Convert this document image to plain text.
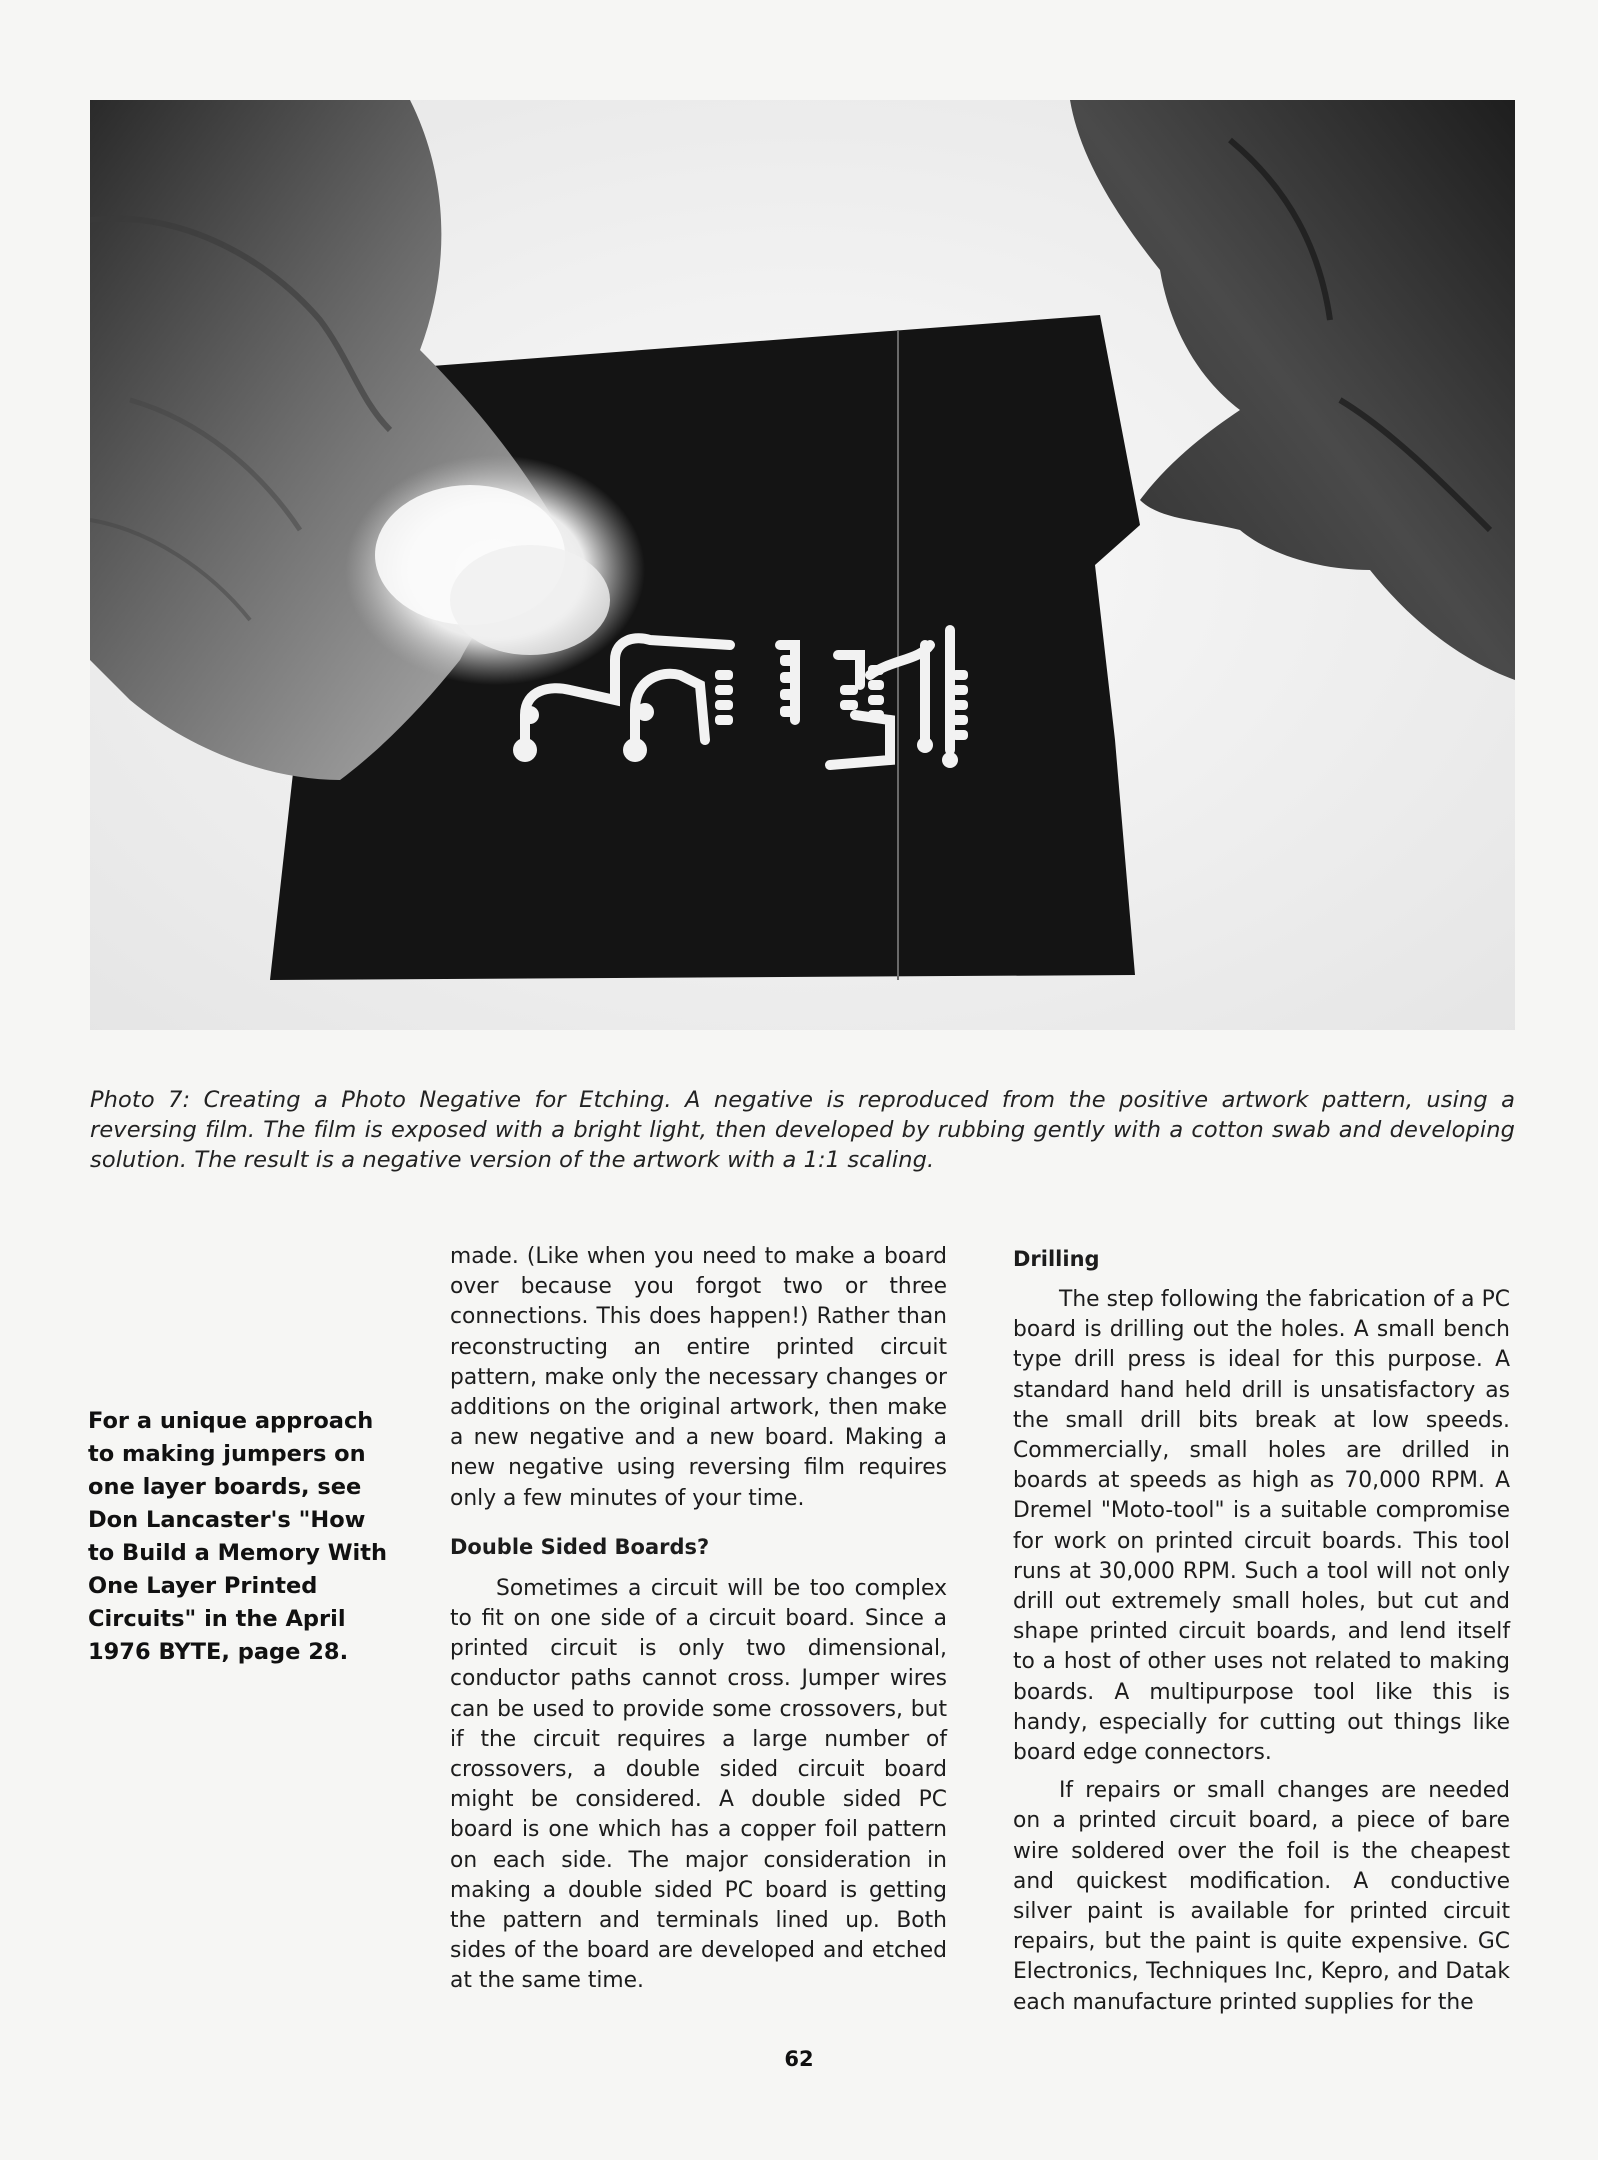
Photo 7: Creating a Photo Negative for Etching. A negative is reproduced from the positive artwork pattern, using a reversing film. The film is exposed with a bright light, then developed by rubbing gently with a cotton swab and developing solution. The result is a negative version of the artwork with a 1:1 scaling.
For a unique approach to making jumpers on one layer boards, see Don Lancaster's "How to Build a Memory With One Layer Printed Circuits" in the April 1976 BYTE, page 28.

made. (Like when you need to make a board over because you forgot two or three connections. This does happen!) Rather than reconstructing an entire printed circuit pattern, make only the necessary changes or additions on the original artwork, then make a new negative and a new board. Making a new negative using reversing film requires only a few minutes of your time.

Double Sided Boards?

Sometimes a circuit will be too complex to fit on one side of a circuit board. Since a printed circuit is only two dimensional, conductor paths cannot cross. Jumper wires can be used to provide some crossovers, but if the circuit requires a large number of crossovers, a double sided circuit board might be considered. A double sided PC board is one which has a copper foil pattern on each side. The major consideration in making a double sided PC board is getting the pattern and terminals lined up. Both sides of the board are developed and etched at the same time.

Drilling

The step following the fabrication of a PC board is drilling out the holes. A small bench type drill press is ideal for this purpose. A standard hand held drill is unsatisfactory as the small drill bits break at low speeds. Commercially, small holes are drilled in boards at speeds as high as 70,000 RPM. A Dremel "Moto-tool" is a suitable compromise for work on printed circuit boards. This tool runs at 30,000 RPM. Such a tool will not only drill out extremely small holes, but cut and shape printed circuit boards, and lend itself to a host of other uses not related to making boards. A multipurpose tool like this is handy, especially for cutting out things like board edge connectors.

If repairs or small changes are needed on a printed circuit board, a piece of bare wire soldered over the foil is the cheapest and quickest modification. A conductive silver paint is available for printed circuit repairs, but the paint is quite expensive. GC Electronics, Techniques Inc, Kepro, and Datak each manufacture printed supplies for the

62
